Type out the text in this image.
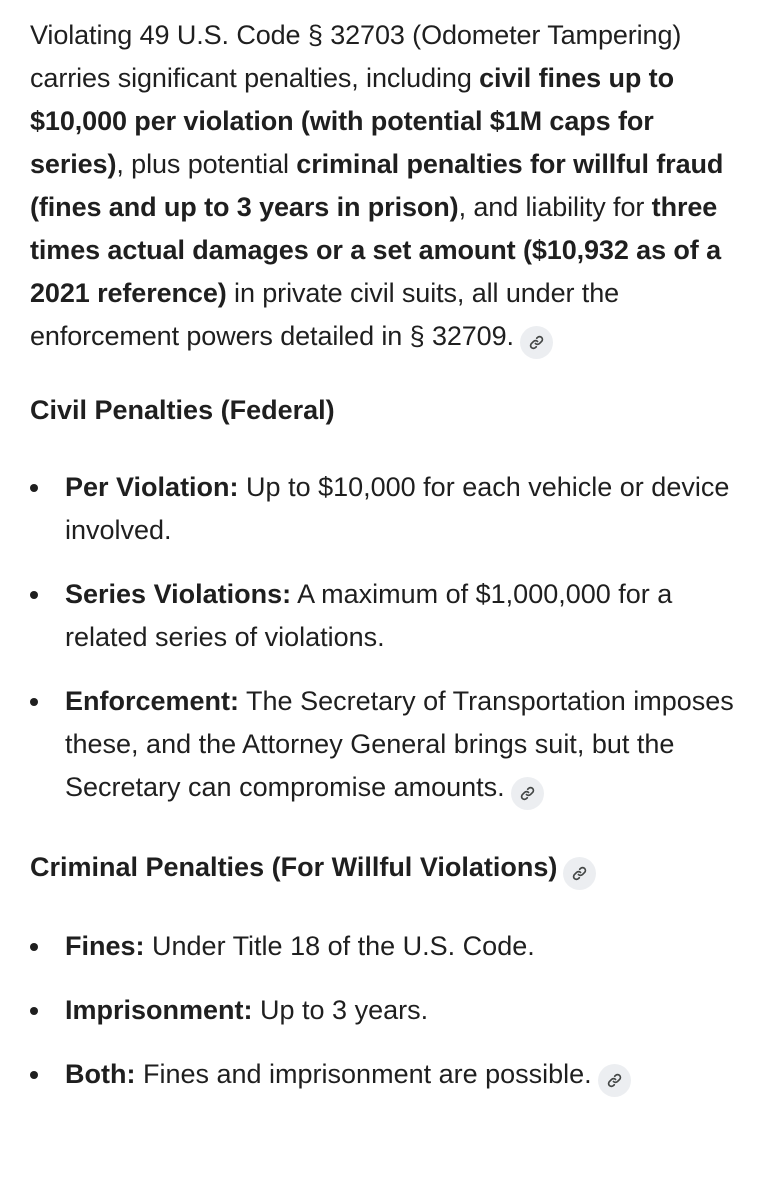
Violating 49 U.S. Code § 32703 (Odometer Tampering) carries significant penalties, including civil fines up to $10,000 per violation (with potential $1M caps for series), plus potential criminal penalties for willful fraud (fines and up to 3 years in prison), and liability for three times actual damages or a set amount ($10,932 as of a 2021 reference) in private civil suits, all under the enforcement powers detailed in § 32709.

Civil Penalties (Federal)
Per Violation: Up to $10,000 for each vehicle or device involved.
Series Violations: A maximum of $1,000,000 for a related series of violations.
Enforcement: The Secretary of Transportation imposes these, and the Attorney General brings suit, but the Secretary can compromise amounts.
Criminal Penalties (For Willful Violations)
Fines: Under Title 18 of the U.S. Code.
Imprisonment: Up to 3 years.
Both: Fines and imprisonment are possible.
